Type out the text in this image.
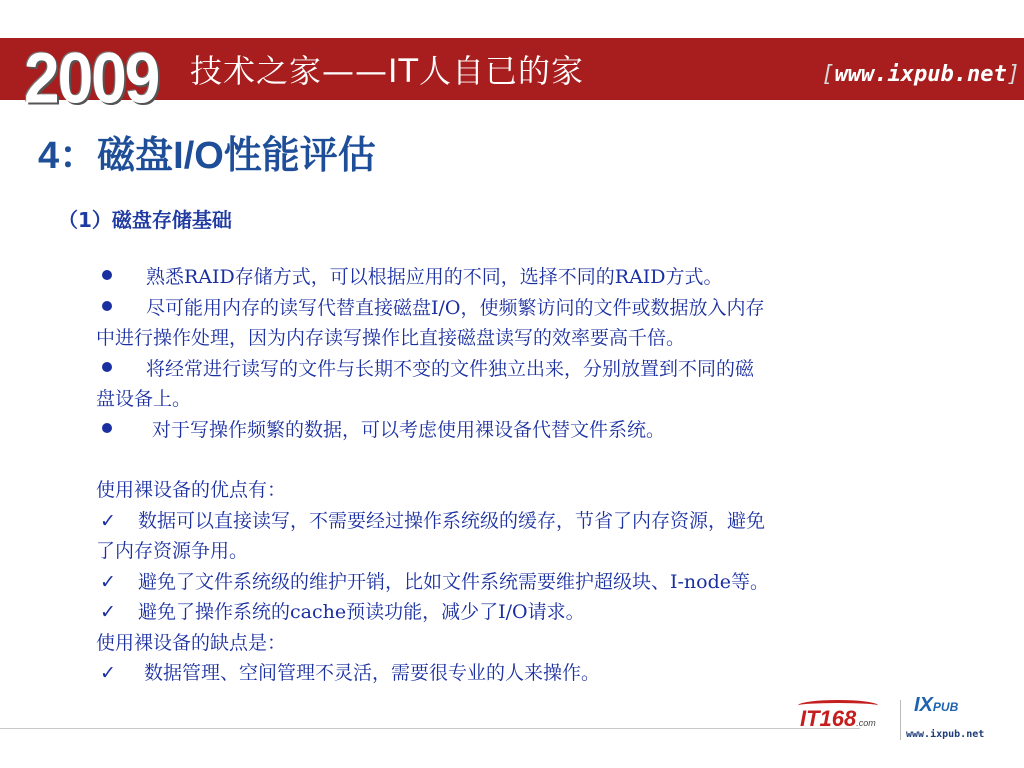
2009 技术之家——IT人自已的家	[www.ixpub.net]
4：磁盘I/O性能评估
（1）磁盘存储基础

熟悉RAID存储方式，可以根据应用的不同，选择不同的RAID方式。

尽可能用内存的读写代替直接磁盘I/O，使频繁访问的文件或数据放入内存

中进行操作处理，因为内存读写操作比直接磁盘读写的效率要高千倍。

将经常进行读写的文件与长期不变的文件独立出来，分别放置到不同的磁

盘设备上。

对于写操作频繁的数据，可以考虑使用裸设备代替文件系统。

使用裸设备的优点有：

✓ 数据可以直接读写，不需要经过操作系统级的缓存，节省了内存资源，避免

了内存资源争用。

✓ 避免了文件系统级的维护开销，比如文件系统需要维护超级块、I-node等。

✓ 避免了操作系统的cache预读功能，减少了I/O请求。

使用裸设备的缺点是：

✓ 数据管理、空间管理不灵活，需要很专业的人来操作。

IT168.com
IXPUB
www.ixpub.net
